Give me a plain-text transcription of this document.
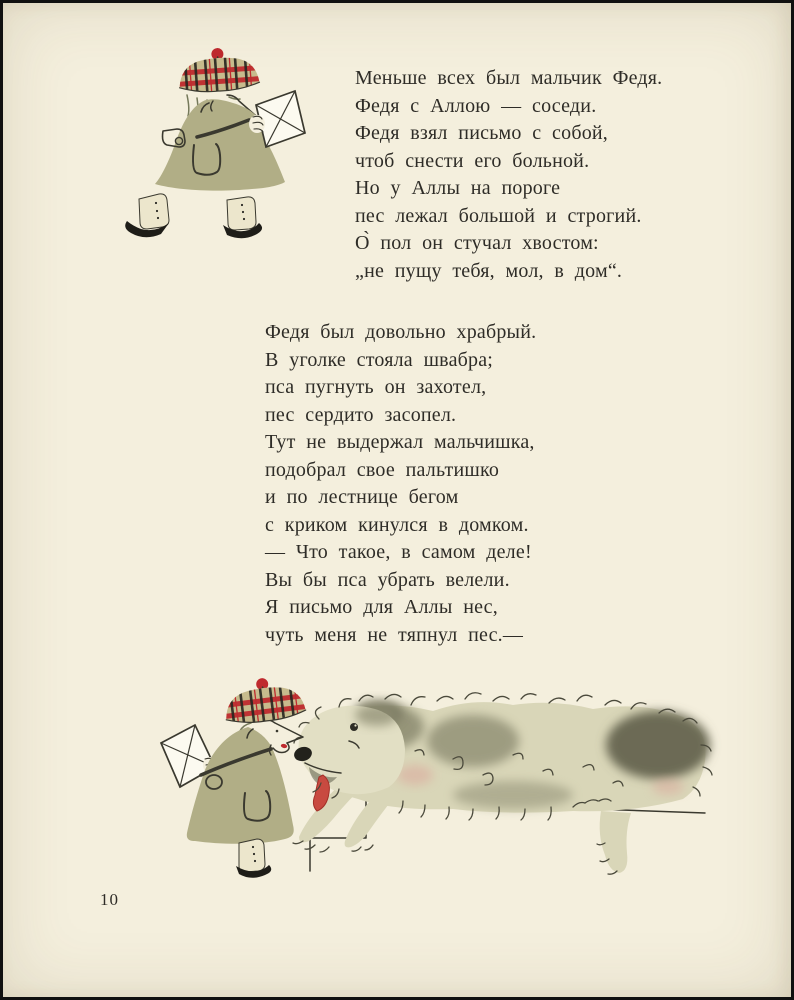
Меньше всех был мальчик Федя.
Федя с Аллою — соседи.
Федя взял письмо с собой,
чтоб снести его больной.
Но у Аллы на пороге
пес лежал большой и строгий.
О̀ пол он стучал хвостом:
„не пущу тебя, мол, в дом“.
Федя был довольно храбрый.
В уголке стояла швабра;
пса пугнуть он захотел,
пес сердито засопел.
Тут не выдержал мальчишка,
подобрал свое пальтишко
и по лестнице бегом
с криком кинулся в домком.
— Что такое, в самом деле!
Вы бы пса убрать велели.
Я письмо для Аллы нес,
чуть меня не тяпнул пес.—
10
